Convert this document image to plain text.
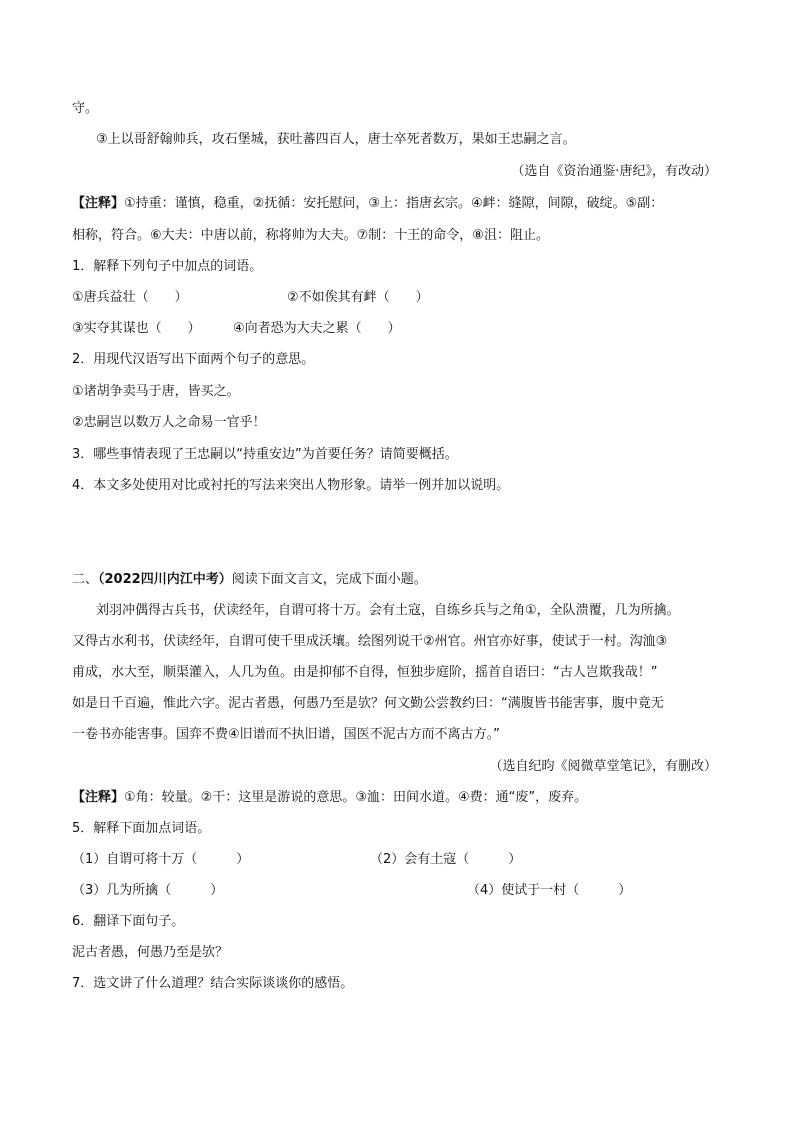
守。
③上以哥舒翰帅兵，攻石堡城，获吐蕃四百人，唐士卒死者数万，果如王忠嗣之言。
（选自《资治通鉴·唐纪》，有改动）
【注释】①持重：谨慎，稳重，②抚循：安托慰问，③上：指唐玄宗。④衅：缝隙，间隙，破绽。⑤副：
相称，符合。⑥大夫：中唐以前，称将帅为大夫。⑦制：十王的命令，⑧沮：阻止。
1．解释下列句子中加点的词语。
①唐兵益壮（　　）	②不如俟其有衅（　　）
③实夺其谋也（　　） ④向者恐为大夫之累（　　）
2．用现代汉语写出下面两个句子的意思。
①诸胡争卖马于唐，皆买之。
②忠嗣岂以数万人之命易一官乎！
3．哪些事情表现了王忠嗣以“持重安边”为首要任务？请简要概括。
4．本文多处使用对比或衬托的写法来突出人物形象。请举一例并加以说明。
二、（2022四川内江中考）阅读下面文言文，完成下面小题。
刘羽冲偶得古兵书，伏读经年，自谓可将十万。会有土寇，自练乡兵与之角①，全队溃覆，几为所擒。
又得古水利书，伏读经年，自谓可使千里成沃壤。绘图列说干②州官。州官亦好事，使试于一村。沟洫③
甫成，水大至，顺渠灌入，人几为鱼。由是抑郁不自得，恒独步庭阶，摇首自语曰：“古人岂欺我哉！”
如是日千百遍，惟此六字。泥古者愚，何愚乃至是欤？何文勤公尝教约曰：“满腹皆书能害事，腹中竟无
一卷书亦能害事。国弈不费④旧谱而不执旧谱，国医不泥古方而不离古方。”
（选自纪昀《阅微草堂笔记》，有删改）
【注释】①角：较量。②干：这里是游说的意思。③洫：田间水道。④费：通“废”，废弃。
5．解释下面加点词语。
（1）自谓可将十万（　　　）	（2）会有土寇（　　　）
（3）几为所擒（　　　）	（4）使试于一村（　　　）
6．翻译下面句子。
泥古者愚，何愚乃至是欤？
7．选文讲了什么道理？结合实际谈谈你的感悟。
